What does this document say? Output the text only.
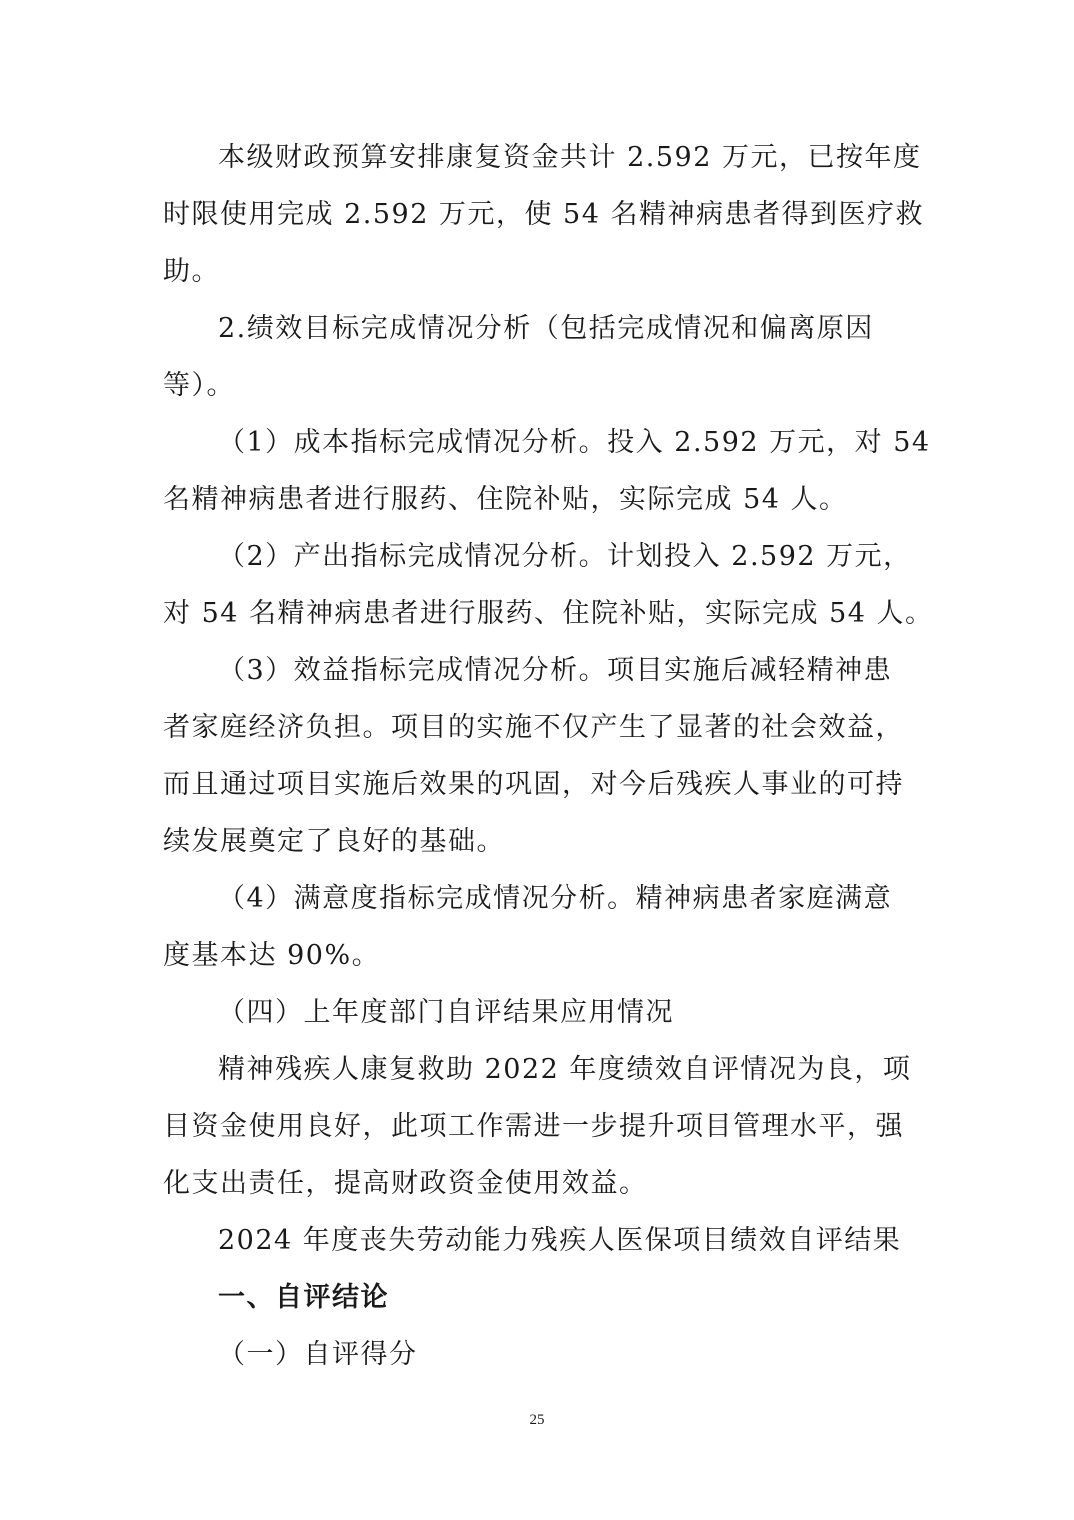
本级财政预算安排康复资金共计 2.592 万元，已按年度
时限使用完成 2.592 万元，使 54 名精神病患者得到医疗救
助。
2.绩效目标完成情况分析（包括完成情况和偏离原因
等）。
（1）成本指标完成情况分析。投入 2.592 万元，对 54
名精神病患者进行服药、住院补贴，实际完成 54 人。
（2）产出指标完成情况分析。计划投入 2.592 万元，
对 54 名精神病患者进行服药、住院补贴，实际完成 54 人。
（3）效益指标完成情况分析。项目实施后减轻精神患
者家庭经济负担。项目的实施不仅产生了显著的社会效益，
而且通过项目实施后效果的巩固，对今后残疾人事业的可持
续发展奠定了良好的基础。
（4）满意度指标完成情况分析。精神病患者家庭满意
度基本达 90%。
（四）上年度部门自评结果应用情况
精神残疾人康复救助 2022 年度绩效自评情况为良，项
目资金使用良好，此项工作需进一步提升项目管理水平，强
化支出责任，提高财政资金使用效益。
2024 年度丧失劳动能力残疾人医保项目绩效自评结果
一、自评结论
（一）自评得分
25
